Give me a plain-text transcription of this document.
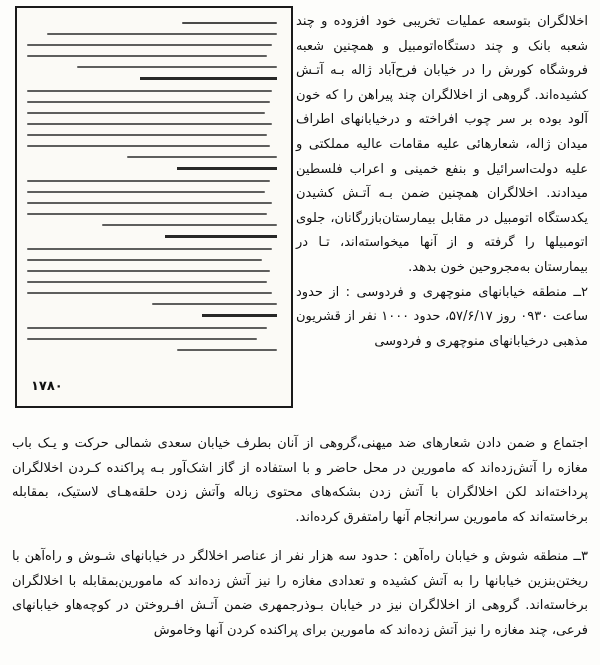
۱۷۸۰

اخلالگران بتوسعه عملیات تخریبی خود افزوده و چند شعبه بانک و چند دستگاه‌اتومبیل و همچنین شعبه فروشگاه کورش را در خیابان فرح‌آباد ژاله بـه آتـش کشیده‌اند. گروهی از اخلالگران چند پیراهن را که خون آلود بوده بر سر چوب افراخته و درخیابانهای اطراف میدان ژاله، شعارهائی علیه مقامات عالیه مملکتی و علیه دولت‌اسرائیل و بنفع خمینی و اعراب فلسطین میدادند. اخلالگران همچنین ضمن بـه آتـش کشیدن یکدستگاه اتومبیل در مقابل بیمارستان‌بازرگانان، جلوی اتومبیلها را گرفته و از آنها میخواسته‌اند، تـا در بیمارستان به‌مجروحین خون بدهد.

۲ــ منطقه خیابانهای منوچهری و فردوسی : از حدود ساعت ۰۹۳۰ روز ۵۷/۶/۱۷، حدود ۱۰۰۰ نفر از قشریون مذهبی درخیابانهای منوچهری و فردوسی

اجتماع و ضمن دادن شعارهای ضد میهنی،گروهی از آنان بطرف خیابان سعدی شمالی حرکت و یـک باب مغازه را آتش‌زده‌اند که مامورین در محل حاضر و با استفاده از گاز اشک‌آور بـه پراکنده کـردن اخلالگران پرداخته‌اند لکن اخلالگران با آتش زدن بشکه‌های محتوی زباله وآتش زدن حلقه‌هـای لاستیک، بمقابله برخاسته‌اند که مامورین سرانجام آنها رامتفرق کرده‌اند.

۳ــ منطقه شوش و خیابان راه‌آهن : حدود سه هزار نفر از عناصر اخلالگر در خیابانهای شـوش و راه‌آهن با ریختن‌بنزین خیابانها را به آتش کشیده و تعدادی مغازه را نیز آتش زده‌اند که مامورین‌بمقابله با اخلالگران برخاسته‌اند. گروهی از اخلالگران نیز در خیابان بـوذرجمهری ضمن آتـش افـروختن در کوچه‌هاو خیابانهای فرعی، چند مغازه را نیز آتش زده‌اند که مامورین برای پراکنده کردن آنها وخاموش
